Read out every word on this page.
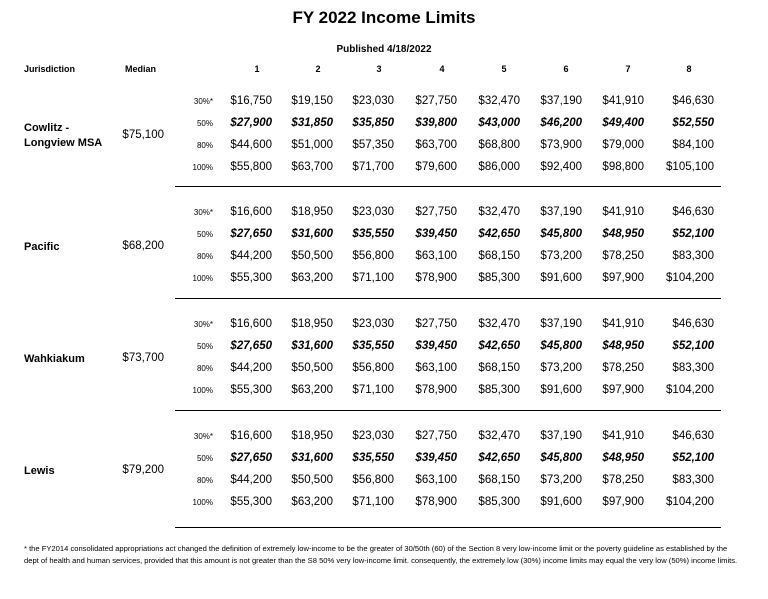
FY 2022 Income Limits
Published 4/18/2022
Jurisdiction	Median	1	2	3	4	5	6	7	8
Cowlitz -
Longview MSA
$75,100
30%*	$16,750	$19,150	$23,030	$27,750	$32,470	$37,190	$41,910	$46,630
50%	$27,900	$31,850	$35,850	$39,800	$43,000	$46,200	$49,400	$52,550
80%	$44,600	$51,000	$57,350	$63,700	$68,800	$73,900	$79,000	$84,100
100%	$55,800	$63,700	$71,700	$79,600	$86,000	$92,400	$98,800	$105,100
Pacific	$68,200
30%*	$16,600	$18,950	$23,030	$27,750	$32,470	$37,190	$41,910	$46,630
50%	$27,650	$31,600	$35,550	$39,450	$42,650	$45,800	$48,950	$52,100
80%	$44,200	$50,500	$56,800	$63,100	$68,150	$73,200	$78,250	$83,300
100%	$55,300	$63,200	$71,100	$78,900	$85,300	$91,600	$97,900	$104,200
Wahkiakum	$73,700
30%*	$16,600	$18,950	$23,030	$27,750	$32,470	$37,190	$41,910	$46,630
50%	$27,650	$31,600	$35,550	$39,450	$42,650	$45,800	$48,950	$52,100
80%	$44,200	$50,500	$56,800	$63,100	$68,150	$73,200	$78,250	$83,300
100%	$55,300	$63,200	$71,100	$78,900	$85,300	$91,600	$97,900	$104,200
Lewis	$79,200
30%*	$16,600	$18,950	$23,030	$27,750	$32,470	$37,190	$41,910	$46,630
50%	$27,650	$31,600	$35,550	$39,450	$42,650	$45,800	$48,950	$52,100
80%	$44,200	$50,500	$56,800	$63,100	$68,150	$73,200	$78,250	$83,300
100%	$55,300	$63,200	$71,100	$78,900	$85,300	$91,600	$97,900	$104,200
* the FY2014 consolidated appropriations act changed the definition of extremely low-income to be the greater of 30/50th (60) of the Section 8 very low-income limit or the poverty guideline as established by the dept of health and human services, provided that this amount is not greater than the S8 50% very low-income limit. consequently, the extremely low (30%) income limits may equal the very low (50%) income limits.
